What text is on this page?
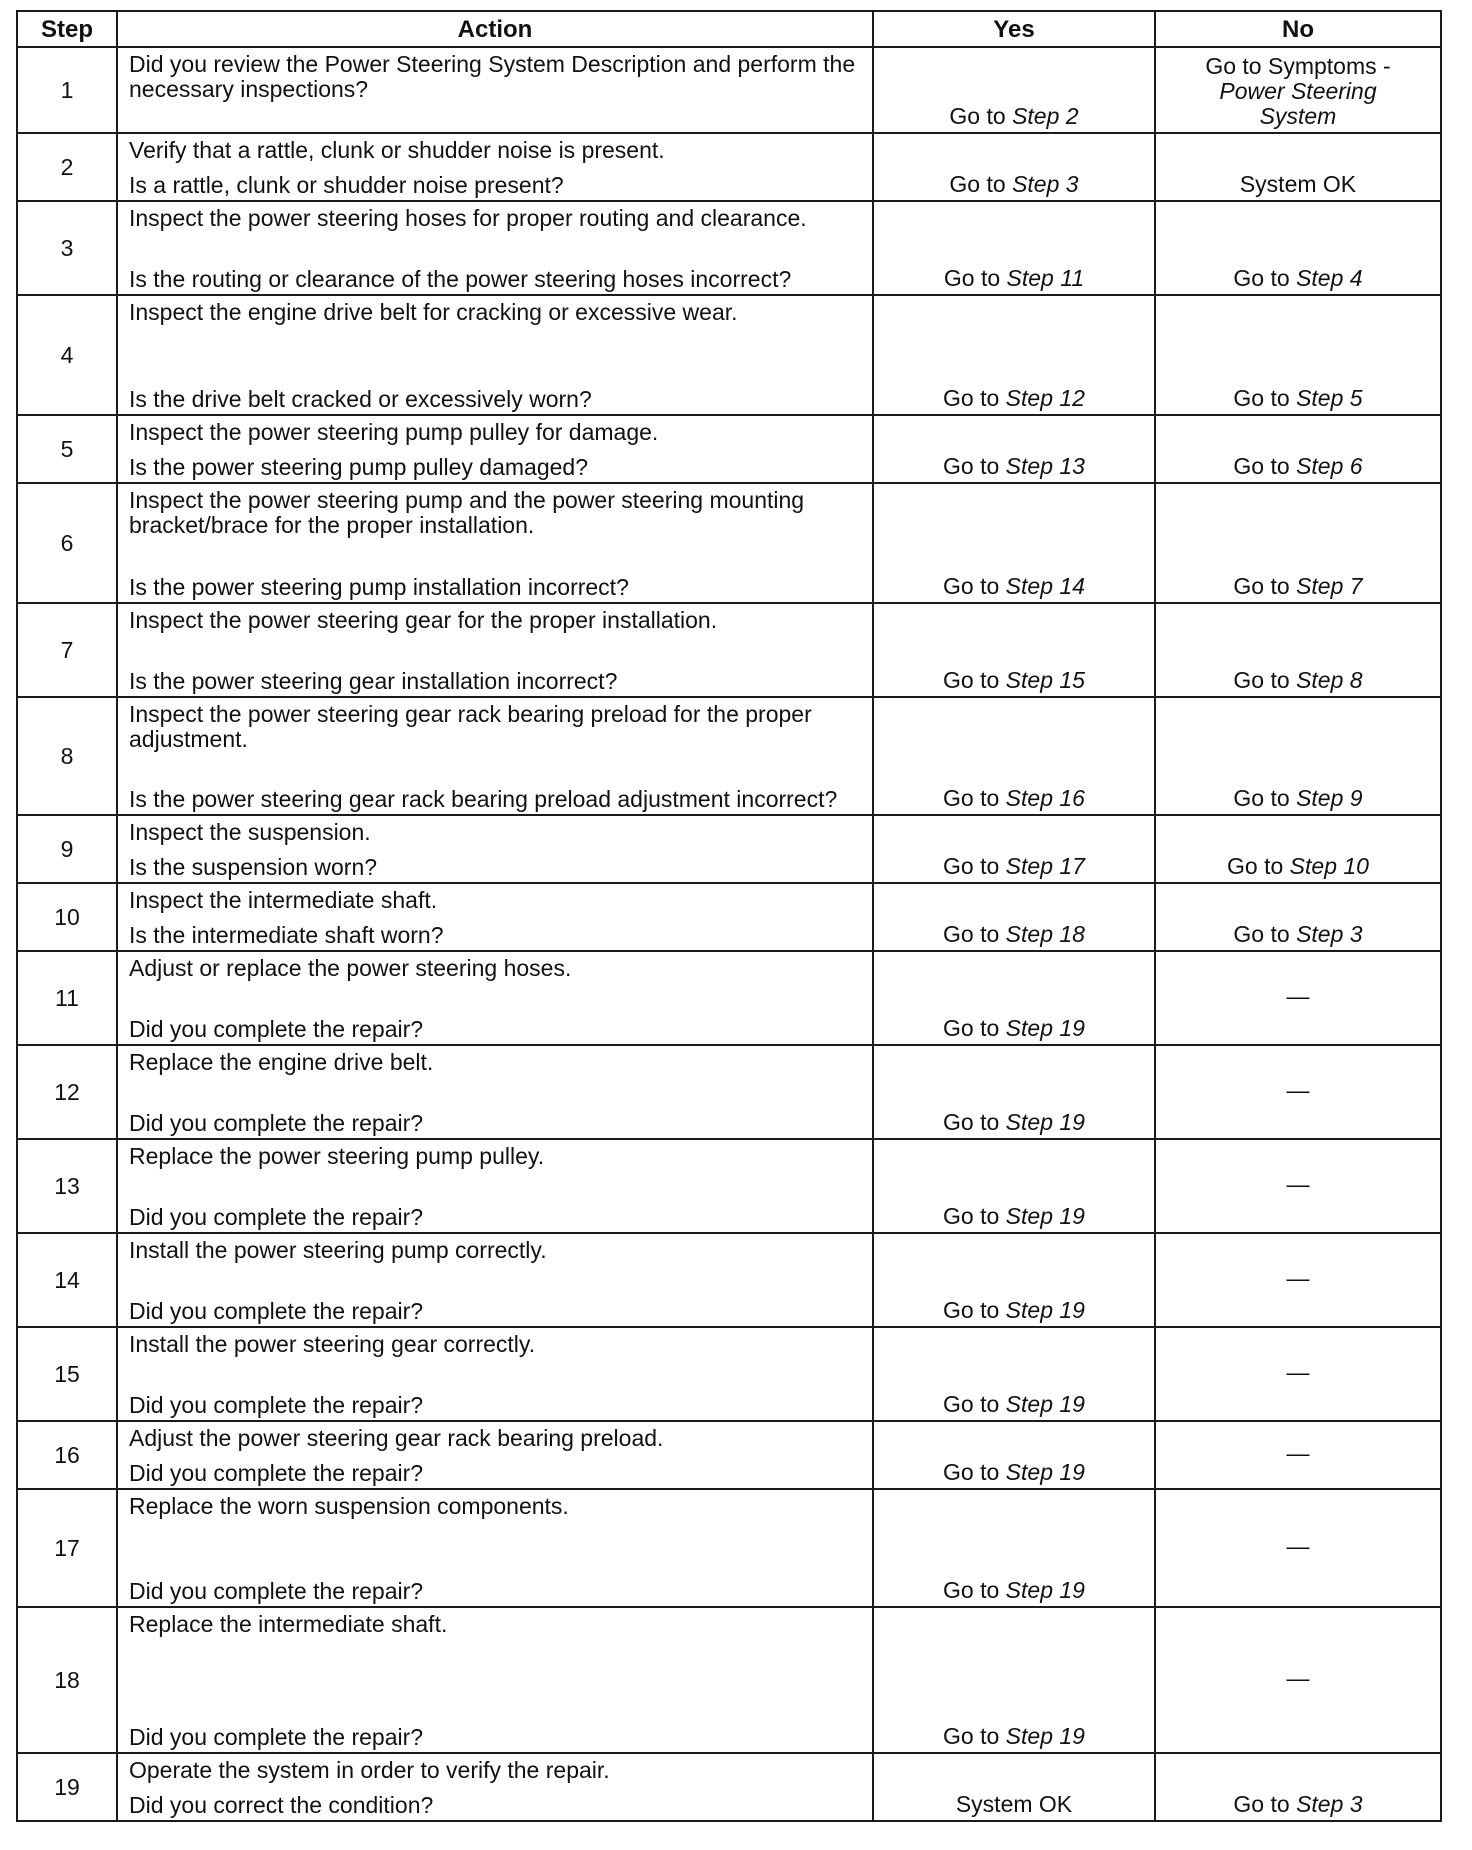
Step	Action	Yes	No
1	Did you review the Power Steering System Description and perform the necessary inspections?	Go to Step 2	Go to Symptoms -
Power Steering
System

2	Verify that a rattle, clunk or shudder noise is present.
Is a rattle, clunk or shudder noise present?	Go to Step 3	System OK
3	Inspect the power steering hoses for proper routing and clearance.
Is the routing or clearance of the power steering hoses incorrect?	Go to Step 11	Go to Step 4
4	Inspect the engine drive belt for cracking or excessive wear.
Is the drive belt cracked or excessively worn?	Go to Step 12	Go to Step 5
5	Inspect the power steering pump pulley for damage.
Is the power steering pump pulley damaged?	Go to Step 13	Go to Step 6
6	Inspect the power steering pump and the power steering mounting bracket/brace for the proper installation.
Is the power steering pump installation incorrect?	Go to Step 14	Go to Step 7
7	Inspect the power steering gear for the proper installation.
Is the power steering gear installation incorrect?	Go to Step 15	Go to Step 8
8	Inspect the power steering gear rack bearing preload for the proper adjustment.
Is the power steering gear rack bearing preload adjustment incorrect?	Go to Step 16	Go to Step 9
9	Inspect the suspension.
Is the suspension worn?	Go to Step 17	Go to Step 10
10	Inspect the intermediate shaft.
Is the intermediate shaft worn?	Go to Step 18	Go to Step 3
11	Adjust or replace the power steering hoses.
Did you complete the repair?	Go to Step 19	—
12	Replace the engine drive belt.
Did you complete the repair?	Go to Step 19	—
13	Replace the power steering pump pulley.
Did you complete the repair?	Go to Step 19	—
14	Install the power steering pump correctly.
Did you complete the repair?	Go to Step 19	—
15	Install the power steering gear correctly.
Did you complete the repair?	Go to Step 19	—
16	Adjust the power steering gear rack bearing preload.
Did you complete the repair?	Go to Step 19	—
17	Replace the worn suspension components.
Did you complete the repair?	Go to Step 19	—
18	Replace the intermediate shaft.
Did you complete the repair?	Go to Step 19	—
19	Operate the system in order to verify the repair.
Did you correct the condition?	System OK	Go to Step 3
